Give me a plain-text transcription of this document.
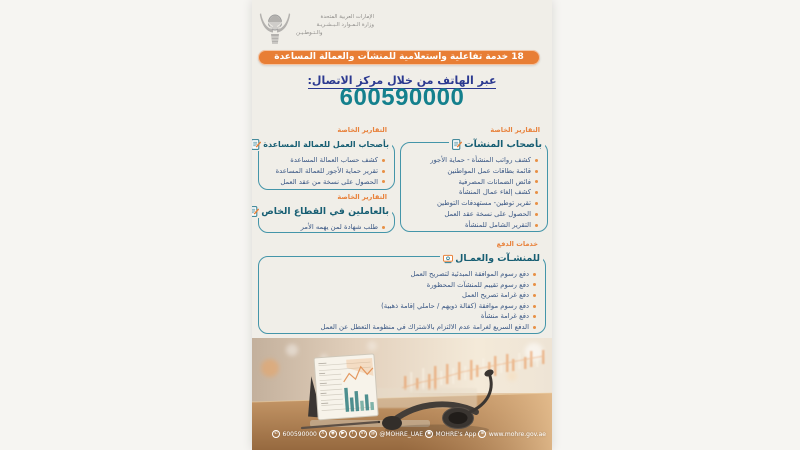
الإمارات العربية المتحدة
وزارة الـمـوارد الـبـشـريـة
والـتـوطـيـن
18 خدمة تفاعلية واستعلامية للمنشآت والعمالة المساعدة
عبر الهاتف من خلال مركز الاتصال:
600590000
التقارير الخاصة
بأصحاب المنشآت
كشف رواتب المنشأة - حماية الأجور
قائمة بطاقات عمل المواطنين
فائض الضمانات المصرفية
كشف إلغاء عمال المنشأة
تقرير توطين- مستهدفات التوطين
الحصول على نسخة عقد العمل
التقرير الشامل للمنشأة
التقارير الخاصة
بأصحاب العمل للعمالة المساعدة
كشف حساب العمالة المساعدة
تقرير حماية الأجور للعمالة المساعدة
الحصول على نسخة من عقد العمل
التقارير الخاصة
بالعاملين في القطاع الخاص
طلب شهادة لمن يهمه الأمر
خدمات الدفع
للمنشـآت والعمـال
دفع رسوم الموافقة المبدئية لتصريح العمل
دفع رسوم تقييم للمنشآت المحظورة
دفع غرامة تصريح العمل
دفع رسوم موافقة (كفالة ذويهم / حاملي إقامة ذهبية)
دفع غرامة منشأة
الدفع السريع لغرامة عدم الالتزام بالاشتراك في منظومة التعطل عن العمل
✆ 600590000 X	◉	▶	f	in	@ @MOHRE_UAE ▣ MOHRE's App ⊕ www.mohre.gov.ae
